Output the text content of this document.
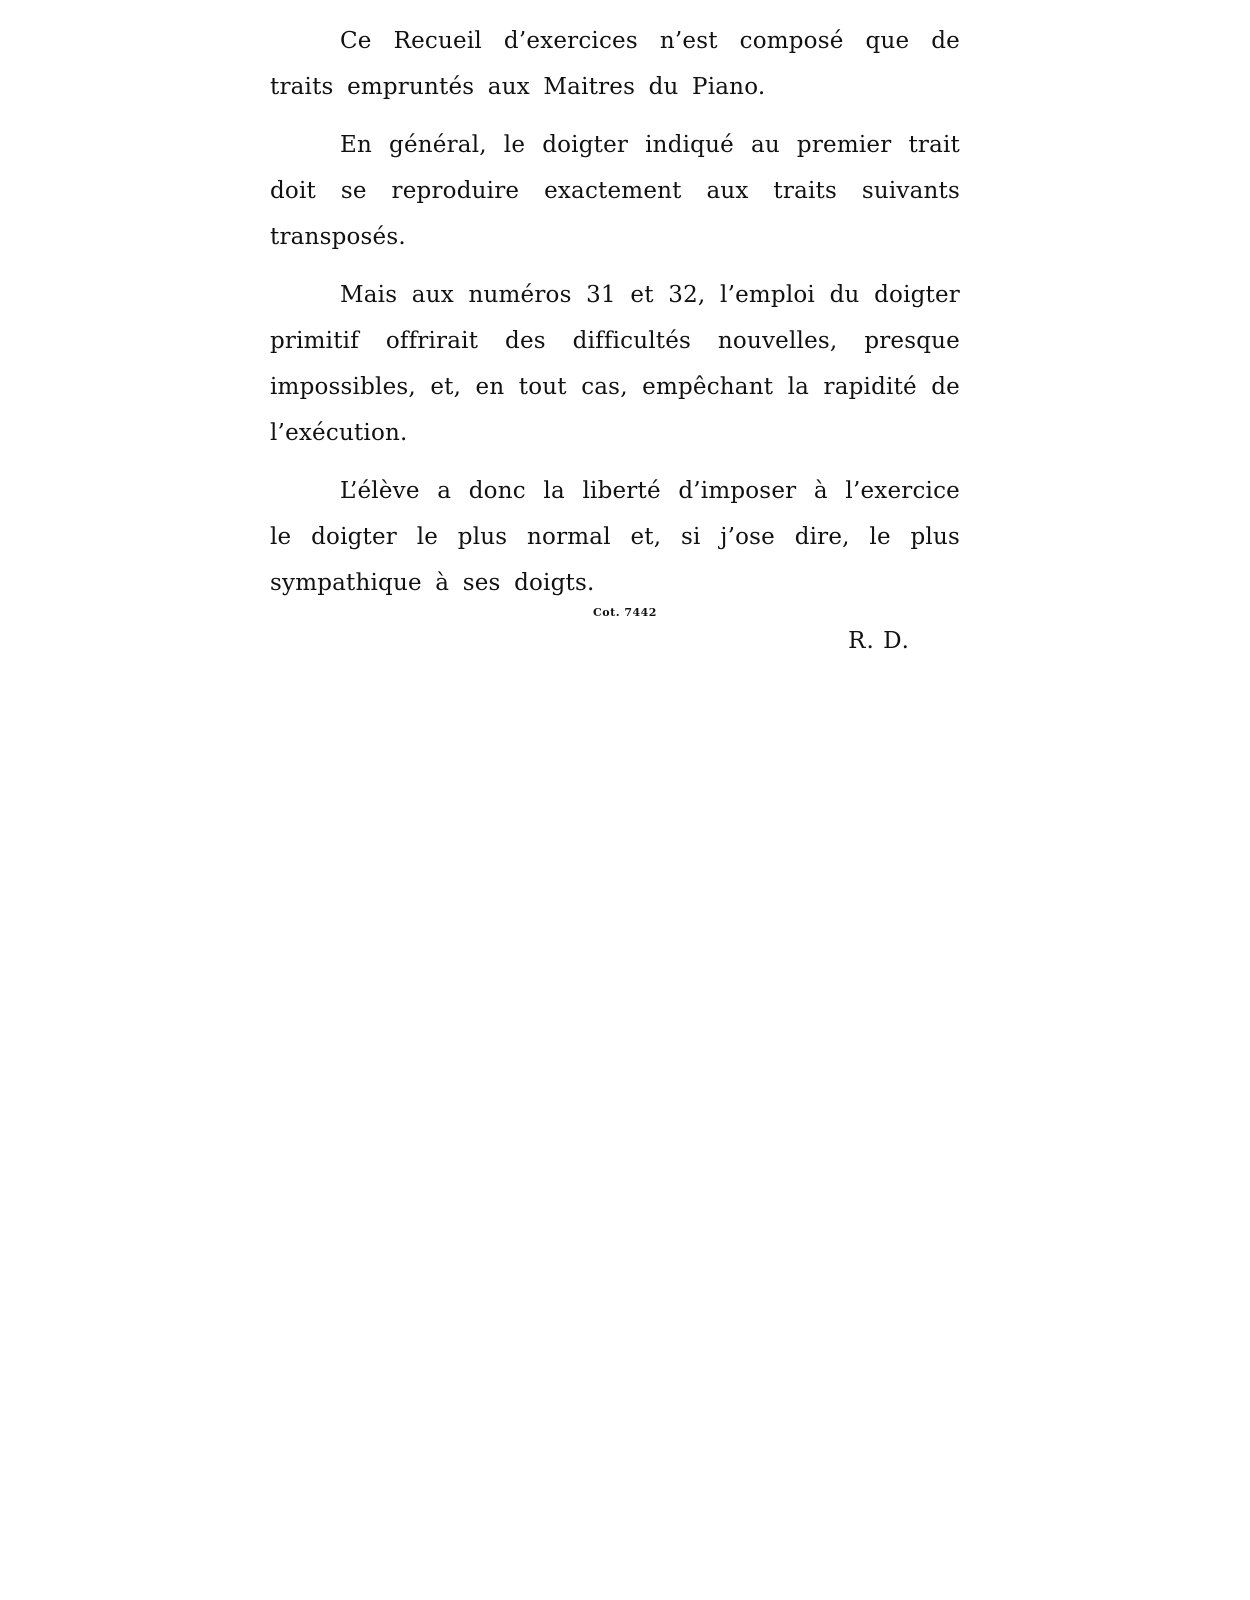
Ce Recueil d’exercices n’est composé que de traits empruntés aux Maitres du Piano.

En général, le doigter indiqué au premier trait doit se reproduire exactement aux traits suivants transposés.

Mais aux numéros 31 et 32, l’emploi du doigter primitif offrirait des difficultés nouvelles, presque impossibles, et, en tout cas, empêchant la rapidité de l’exécution.

L’élève a donc la liberté d’imposer à l’exercice le doigter le plus normal et, si j’ose dire, le plus sympathique à ses doigts.

R. D.

Cot. 7442
